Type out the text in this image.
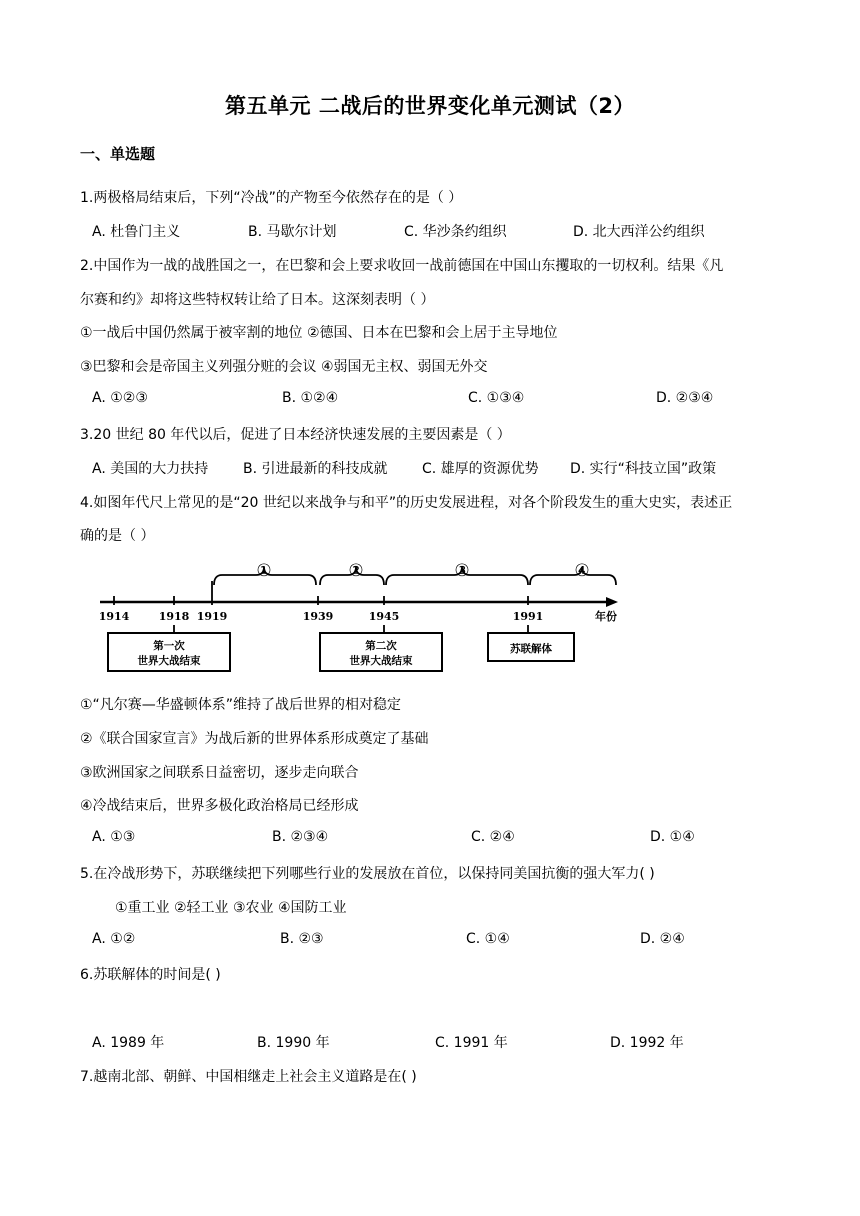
第五单元 二战后的世界变化单元测试（2）
一、单选题
1.两极格局结束后，下列“冷战”的产物至今依然存在的是（ ）
A. 杜鲁门主义	B. 马歇尔计划	C. 华沙条约组织	D. 北大西洋公约组织
2.中国作为一战的战胜国之一，在巴黎和会上要求收回一战前德国在中国山东攫取的一切权利。结果《凡
尔赛和约》却将这些特权转让给了日本。这深刻表明（ ）
①一战后中国仍然属于被宰割的地位 ②德国、日本在巴黎和会上居于主导地位
③巴黎和会是帝国主义列强分赃的会议 ④弱国无主权、弱国无外交
A. ①②③	B. ①②④	C. ①③④	D. ②③④
3.20 世纪 80 年代以后，促进了日本经济快速发展的主要因素是（ ）
A. 美国的大力扶持 B. 引进最新的科技成就 C. 雄厚的资源优势 D. 实行“科技立国”政策
4.如图年代尺上常见的是“20 世纪以来战争与和平”的历史发展进程，对各个阶段发生的重大史实，表述正
确的是（ ）
1914	1918 1919	1939	1945	1991	年份
①	②	③	④
第一次
世界大战结束
第二次
世界大战结束
苏联解体
①“凡尔赛—华盛顿体系”维持了战后世界的相对稳定
②《联合国家宣言》为战后新的世界体系形成奠定了基础
③欧洲国家之间联系日益密切，逐步走向联合
④冷战结束后，世界多极化政治格局已经形成
A. ①③	B. ②③④	C. ②④	D. ①④
5.在冷战形势下，苏联继续把下列哪些行业的发展放在首位，以保持同美国抗衡的强大军力( )
①重工业 ②轻工业 ③农业 ④国防工业
A. ①②	B. ②③	C. ①④	D. ②④
6.苏联解体的时间是( )
A. 1989 年	B. 1990 年	C. 1991 年	D. 1992 年
7.越南北部、朝鲜、中国相继走上社会主义道路是在( )
